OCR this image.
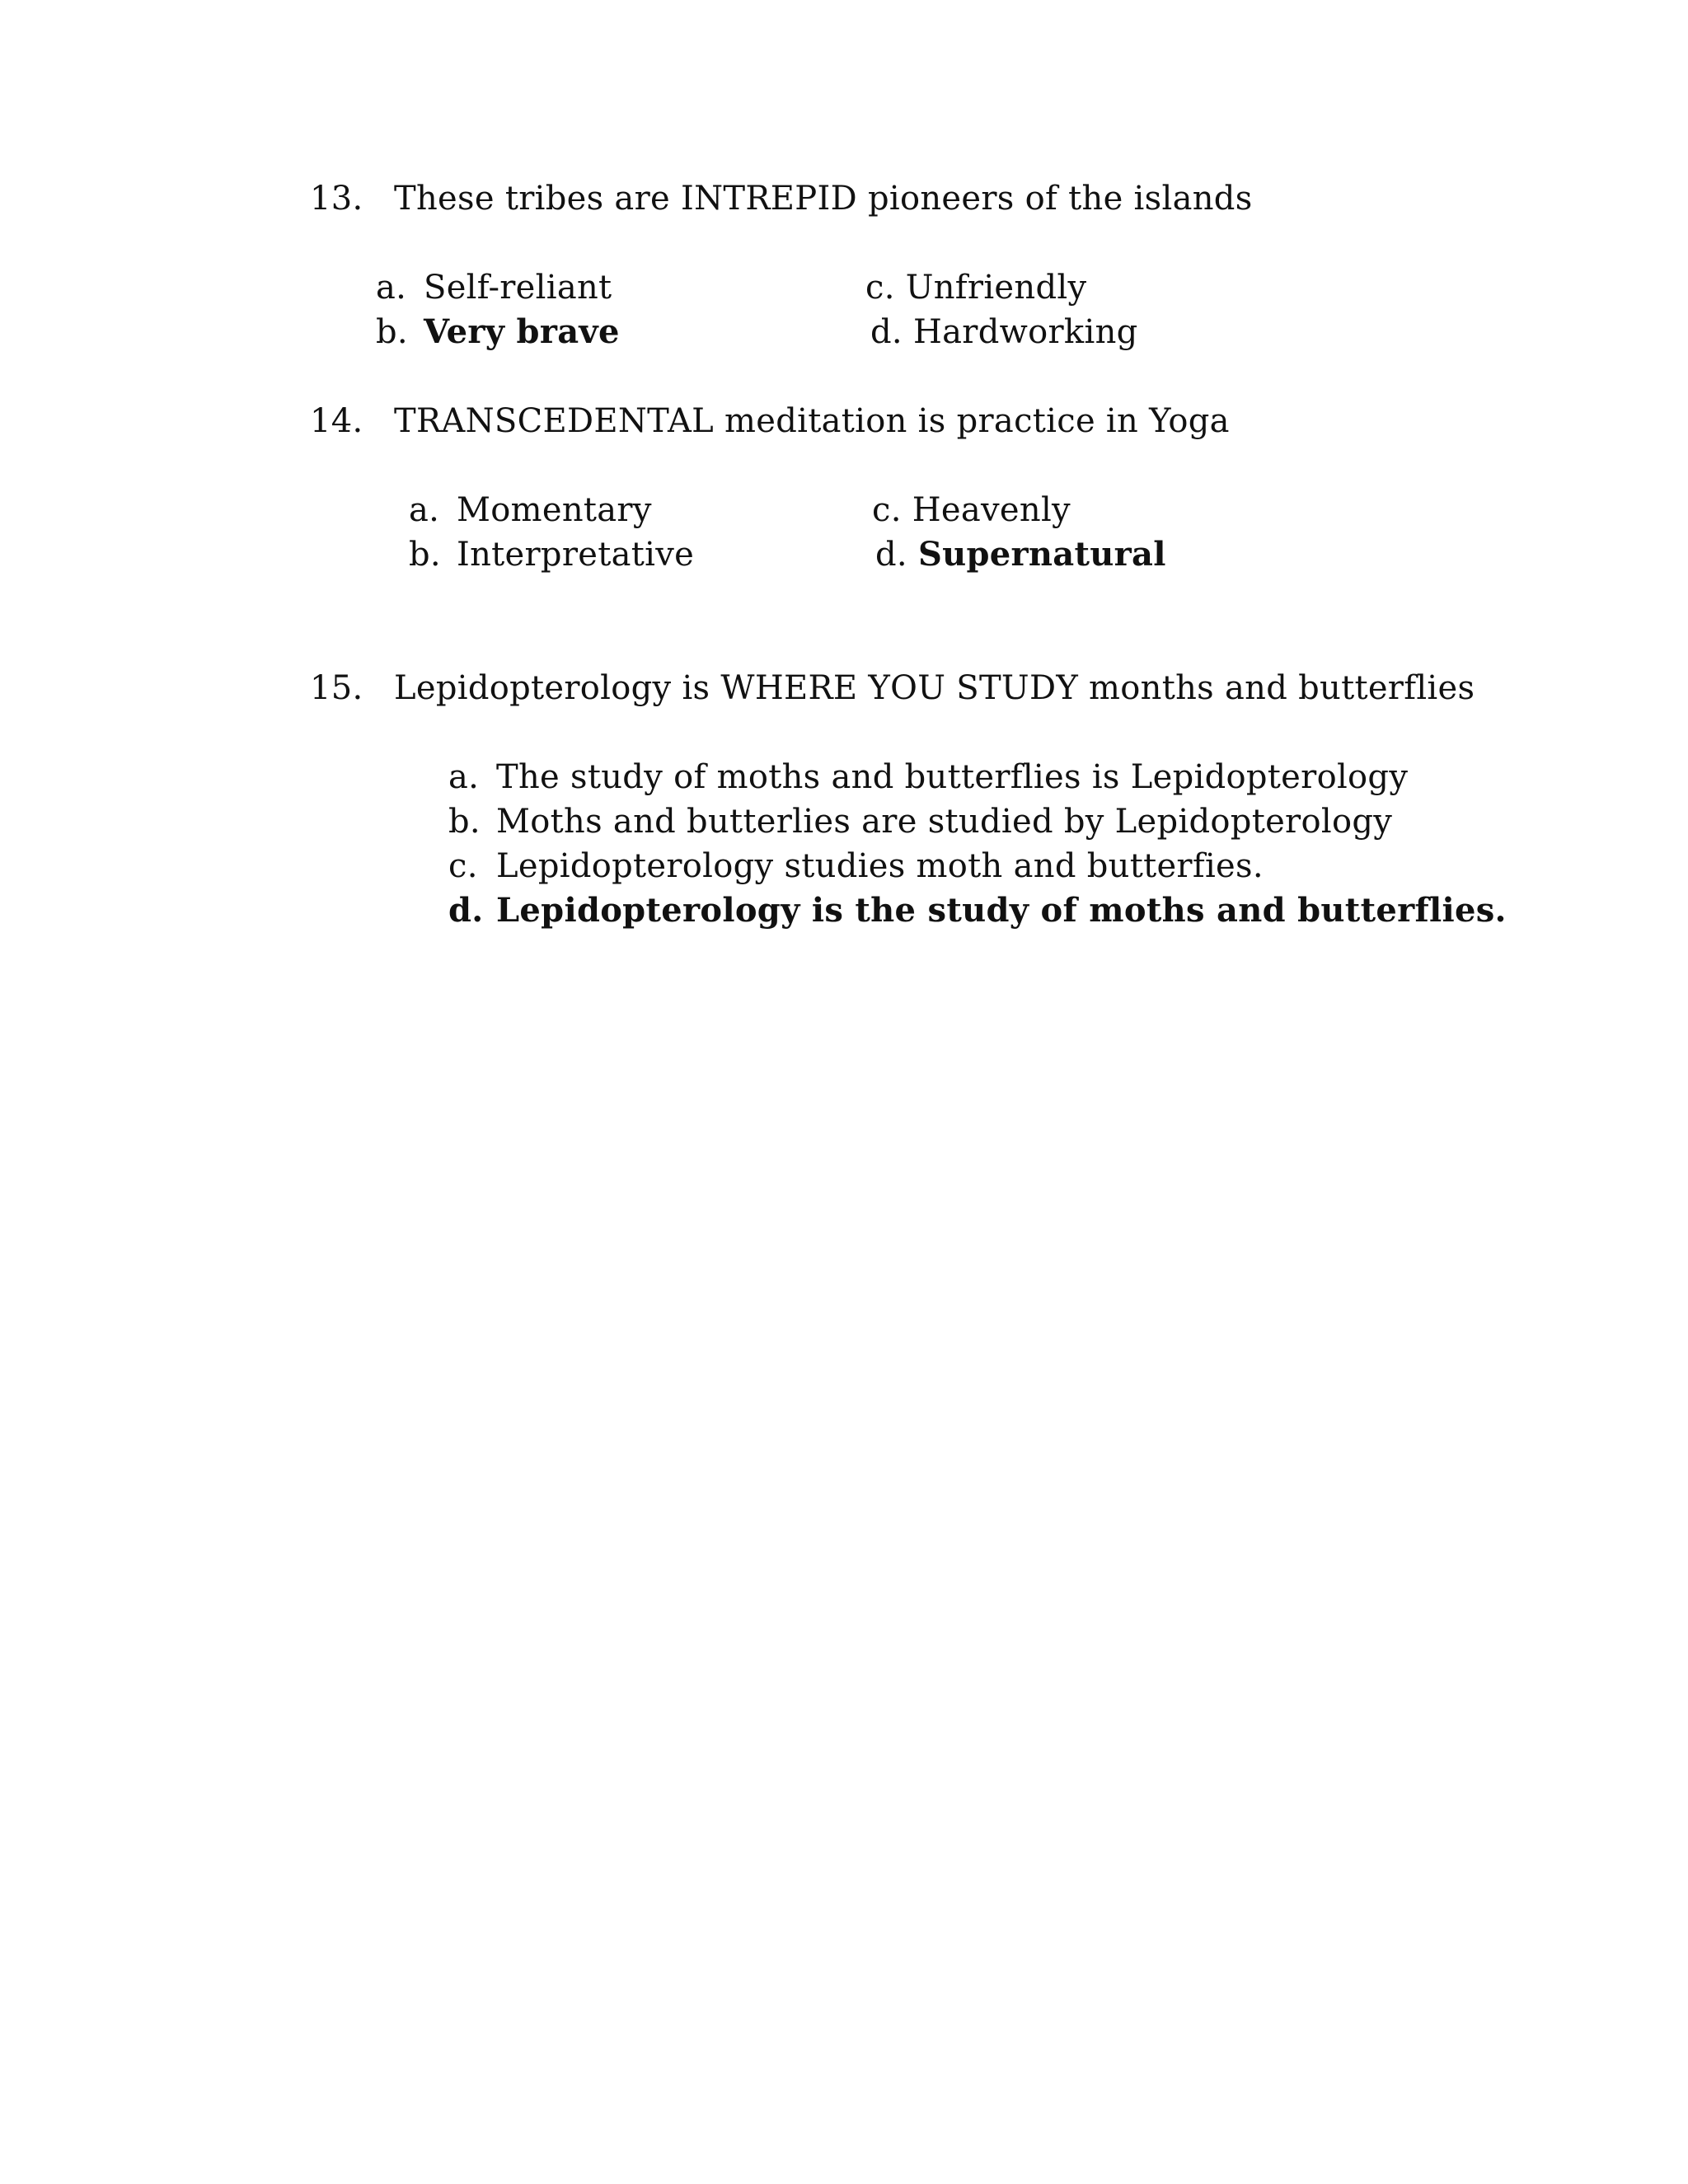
13. These tribes are INTREPID pioneers of the islands
a. Self-reliant
b. Very brave
c. Unfriendly
d. Hardworking
14. TRANSCEDENTAL meditation is practice in Yoga
a. Momentary
b. Interpretative
c. Heavenly
d. Supernatural
15. Lepidopterology is WHERE YOU STUDY months and butterflies
a. The study of moths and butterflies is Lepidopterology
b. Moths and butterlies are studied by Lepidopterology
c. Lepidopterology studies moth and butterfies.
d. Lepidopterology is the study of moths and butterflies.
